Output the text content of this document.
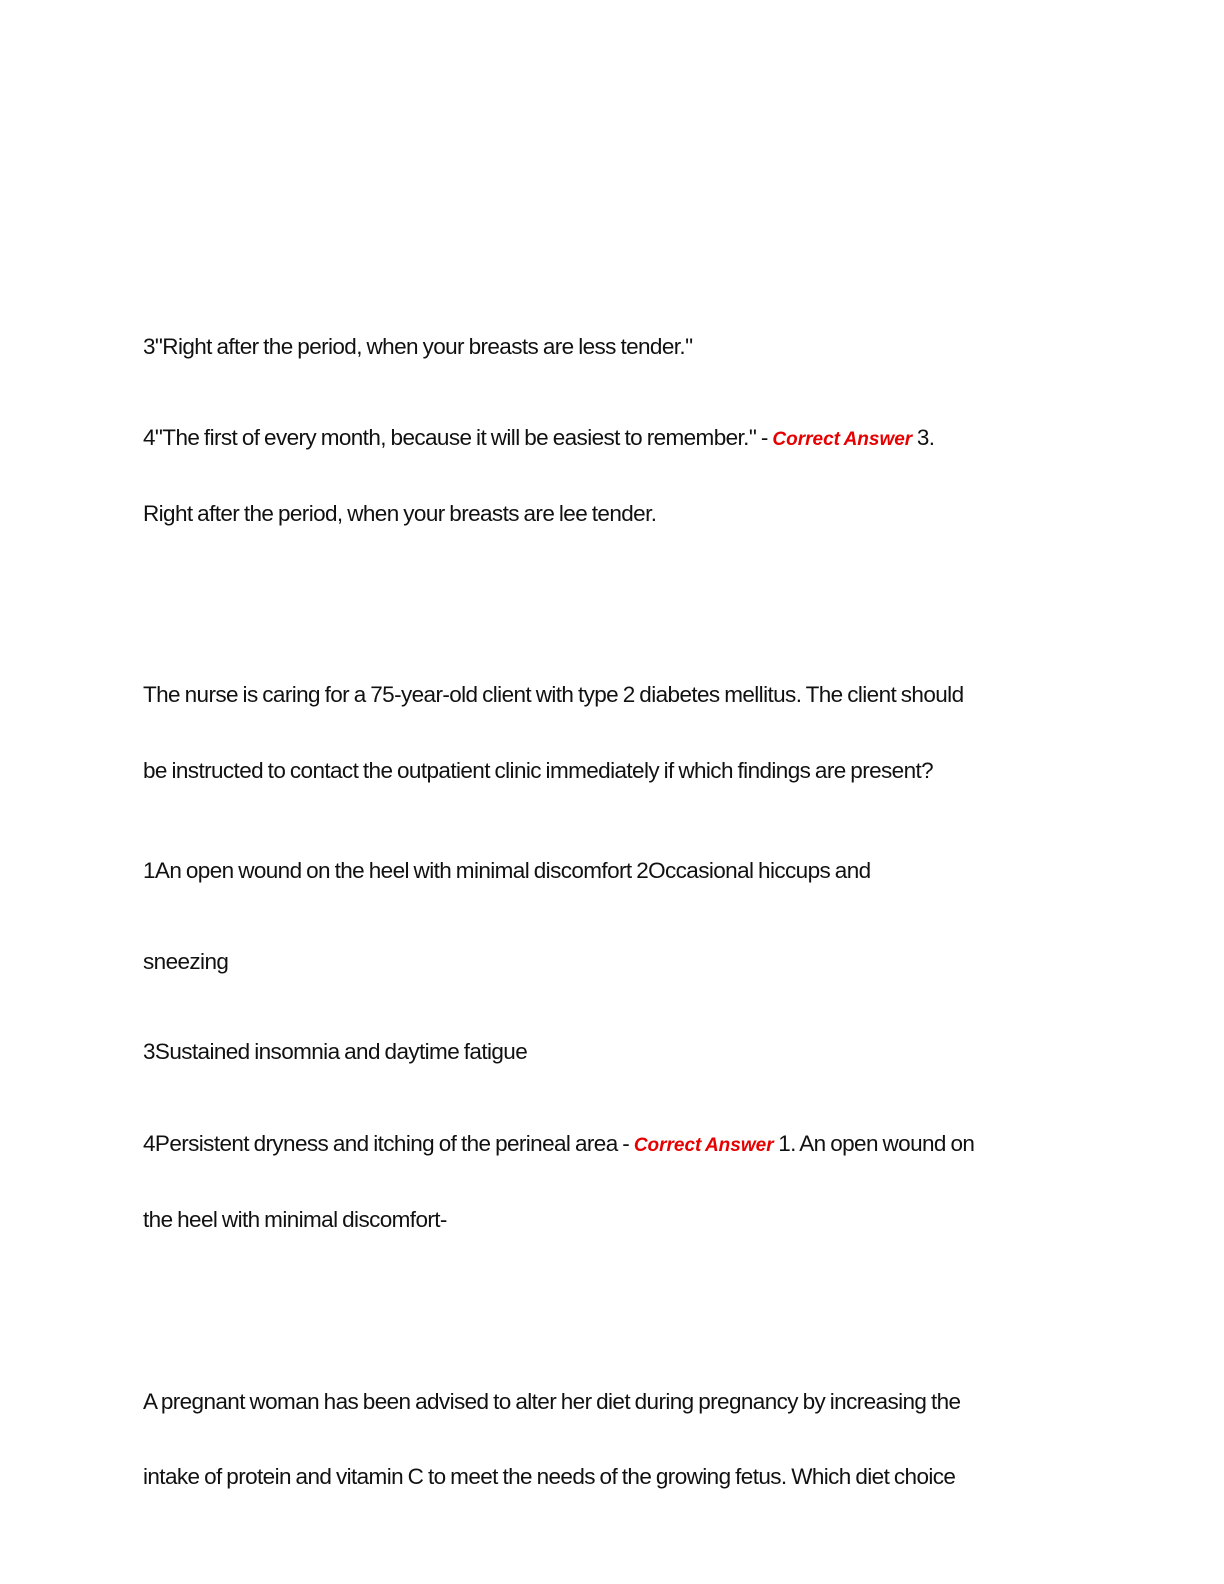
3"Right after the period, when your breasts are less tender."
4"The first of every month, because it will be easiest to remember." - Correct Answer 3.
Right after the period, when your breasts are lee tender.
The nurse is caring for a 75-year-old client with type 2 diabetes mellitus. The client should
be instructed to contact the outpatient clinic immediately if which findings are present?
1An open wound on the heel with minimal discomfort 2Occasional hiccups and
sneezing
3Sustained insomnia and daytime fatigue
4Persistent dryness and itching of the perineal area - Correct Answer 1. An open wound on
the heel with minimal discomfort-
A pregnant woman has been advised to alter her diet during pregnancy by increasing the
intake of protein and vitamin C to meet the needs of the growing fetus. Which diet choice
